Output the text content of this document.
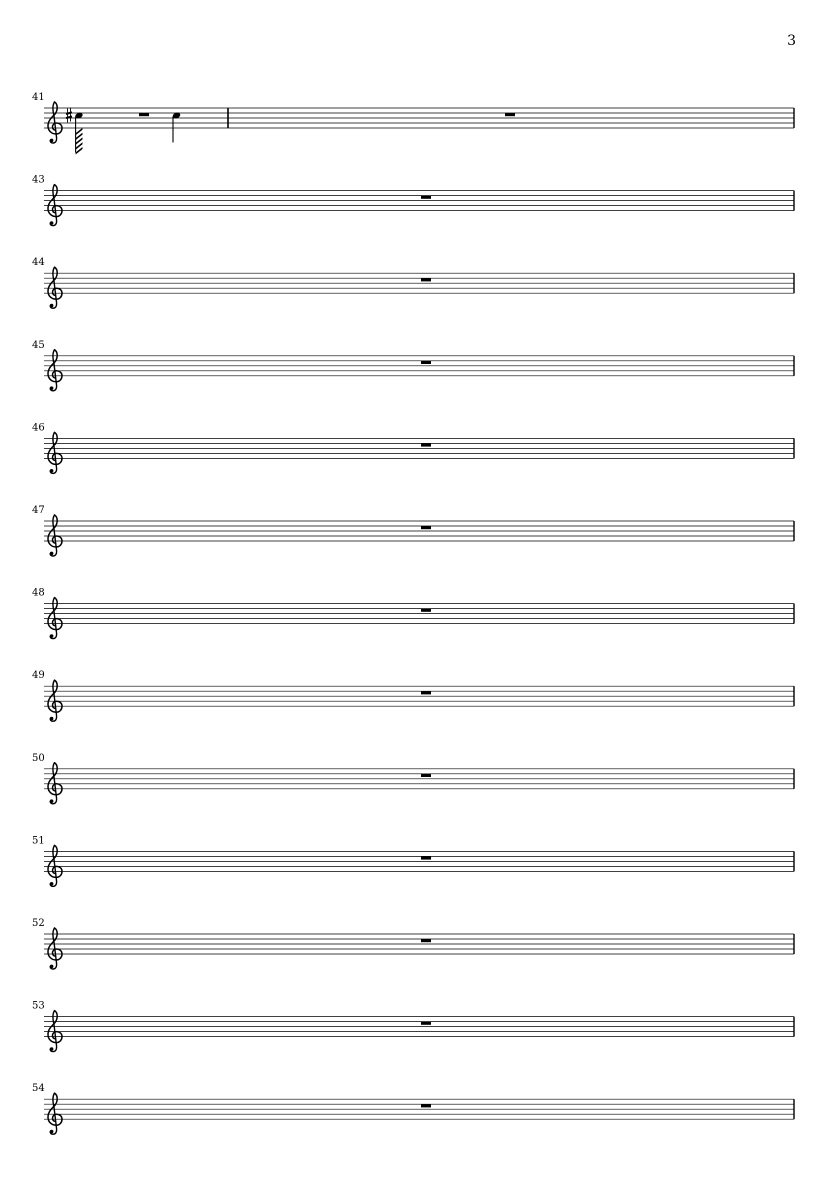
3
41
43
44
45
46
47
48
49
50
51
52
53
54
